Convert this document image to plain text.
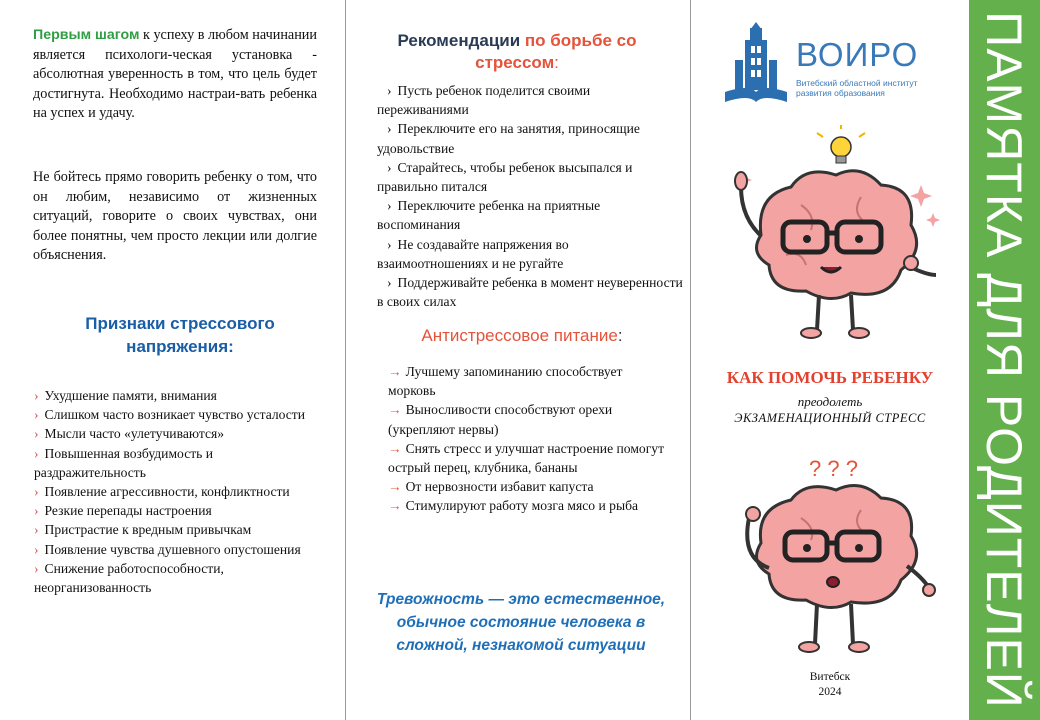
Первым шагом к успеху в любом начинании является психологи-ческая установка - абсолютная уверенность в том, что цель будет достигнута. Необходимо настраи-вать ребенка на успех и удачу.
Не бойтесь прямо говорить ребенку о том, что он любим, независимо от жизненных ситуаций, говорите о своих чувствах, они более понятны, чем просто лекции или долгие объяснения.
Признаки стрессового напряжения:
› Ухудшение памяти, внимания
› Слишком часто возникает чувство усталости
› Мысли часто «улетучиваются»
› Повышенная возбудимость и раздражительность
› Появление агрессивности, конфликтности
› Резкие перепады настроения
› Пристрастие к вредным привычкам
› Появление чувства душевного опустошения
› Снижение работоспособности, неорганизованность
Рекомендации по борьбе со стрессом:
› Пусть ребенок поделится своими переживаниями
› Переключите его на занятия, приносящие удовольствие
› Старайтесь, чтобы ребенок высыпался и правильно питался
› Переключите ребенка на приятные воспоминания
› Не создавайте напряжения во взаимоотношениях и не ругайте
› Поддерживайте ребенка в момент неуверенности в своих силах
Антистрессовое питание:
→ Лучшему запоминанию способствует морковь
→ Выносливости способствуют орехи (укрепляют нервы)
→ Снять стресс и улучшат настроение помогут острый перец, клубника, бананы
→ От нервозности избавит капуста
→ Стимулируют работу мозга мясо и рыба
Тревожность — это естественное, обычное состояние человека в сложной, незнакомой ситуации
ВОИРО
Витебский областной институт
развития образования
КАК ПОМОЧЬ РЕБЕНКУ
преодолеть
ЭКЗАМЕНАЦИОННЫЙ СТРЕСС
? ? ?
Витебск
2024	ПАМЯТКА ДЛЯ РОДИТЕЛЕЙ
